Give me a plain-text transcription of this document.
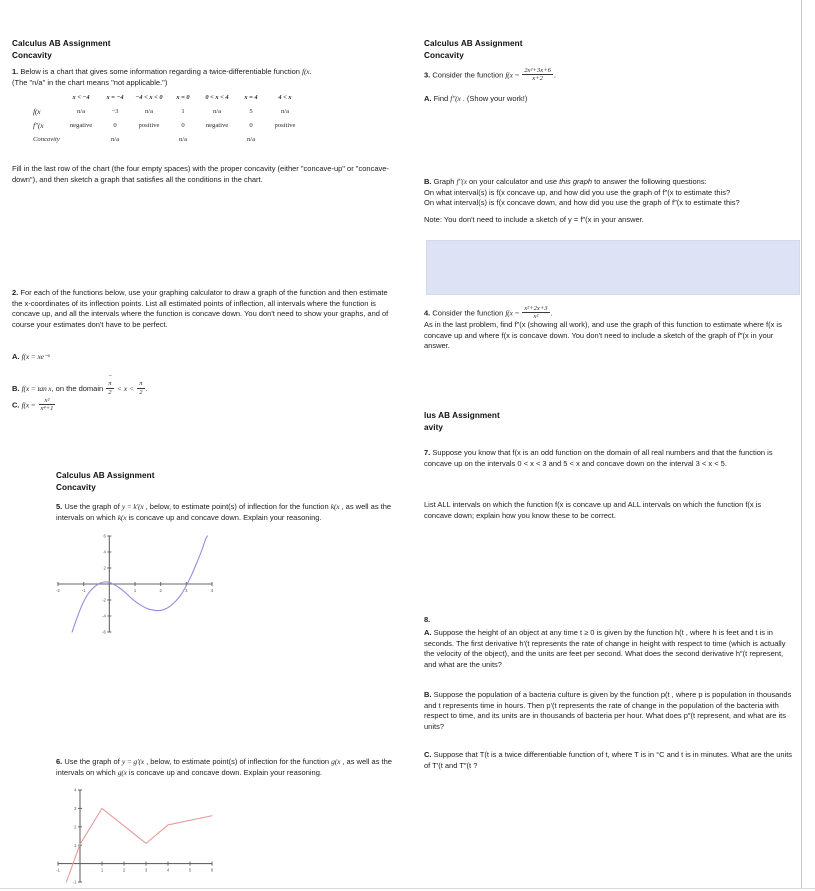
Calculus AB Assignment
Concavity
1. Below is a chart that gives some information regarding a twice-differentiable function f(x.
(The "n/a" in the chart means "not applicable.")
	x < −4	x = −4	−4 < x < 0	x = 0	0 < x < 4	x = 4	4 < x
f(x	n/a	−3	n/a	1	n/a	5	n/a
f″(x	negative	0	positive	0	negative	0	positive
Concavity		n/a		n/a		n/a	
Fill in the last row of the chart (the four empty spaces) with the proper concavity (either "concave-up" or "concave-down"), and then sketch a graph that satisfies all the conditions in the chart.
2. For each of the functions below, use your graphing calculator to draw a graph of the function and then estimate the x-coordinates of its inflection points. List all estimated points of inflection, all intervals where the function is concave up, and all the intervals where the function is concave down. You don't need to show your graphs, and of course your estimates don't have to be perfect.
A. f(x = xe⁻ˣ
B. f(x = tan x, on the domain −
π
$2 < x < \frac{\pi}{2}$ .
C. $f(x = \frac{\text{x²}}{\text{x⁴+1}}$
Calculus AB Assignment
Concavity
5. Use the graph of y = k′(x , below, to estimate point(s) of inflection for the function k(x , as well as the intervals on which k(x is concave up and concave down. Explain your reasoning.
-2	-1	1	2	3	4
-6
-4
-2
2
4
6
6. Use the graph of y = g′(x , below, to estimate point(s) of inflection for the function g(x , as well as the intervals on which g(x is concave up and concave down. Explain your reasoning.
-1	1	2	3	4	5	6
-1
1
2
3
4
Calculus AB Assignment
Concavity
3. Consider the function $f(x = \frac{\text{2x²+3x+6}}{x+2}$ .
A. Find f″(x . (Show your work!)
B. Graph f″(x on your calculator and use this graph to answer the following questions:
On what interval(s) is f(x concave up, and how did you use the graph of f″(x to estimate this?
On what interval(s) is f(x concave down, and how did you use the graph of f″(x to estimate this?
Note: You don't need to include a sketch of y = f″(x in your answer.
4. Consider the function $f(x = \frac{\text{x²+2x+3}}{\text{x²}}$ .
As in the last problem, find f″(x (showing all work), and use the graph of this function to estimate where f(x is concave up and where f(x is concave down. You don't need to include a sketch of the graph of f″(x in your answer.
lus AB Assignment
avity
7. Suppose you know that f(x is an odd function on the domain of all real numbers and that the function is concave up on the intervals 0 < x < 3 and 5 < x and concave down on the interval 3 < x < 5.
List ALL intervals on which the function f(x is concave up and ALL intervals on which the function f(x is concave down; explain how you know these to be correct.
8.
A. Suppose the height of an object at any time t ≥ 0 is given by the function h(t , where h is feet and t is in seconds. The first derivative h′(t represents the rate of change in height with respect to time (which is actually the velocity of the object), and the units are feet per second. What does the second derivative h″(t represent, and what are the units?
B. Suppose the population of a bacteria culture is given by the function p(t , where p is population in thousands and t represents time in hours. Then p′(t represents the rate of change in the population of the bacteria with respect to time, and its units are in thousands of bacteria per hour. What does p″(t represent, and what are its units?
C. Suppose that T(t is a twice differentiable function of t, where T is in °C and t is in minutes. What are the units of T′(t and T″(t ?
